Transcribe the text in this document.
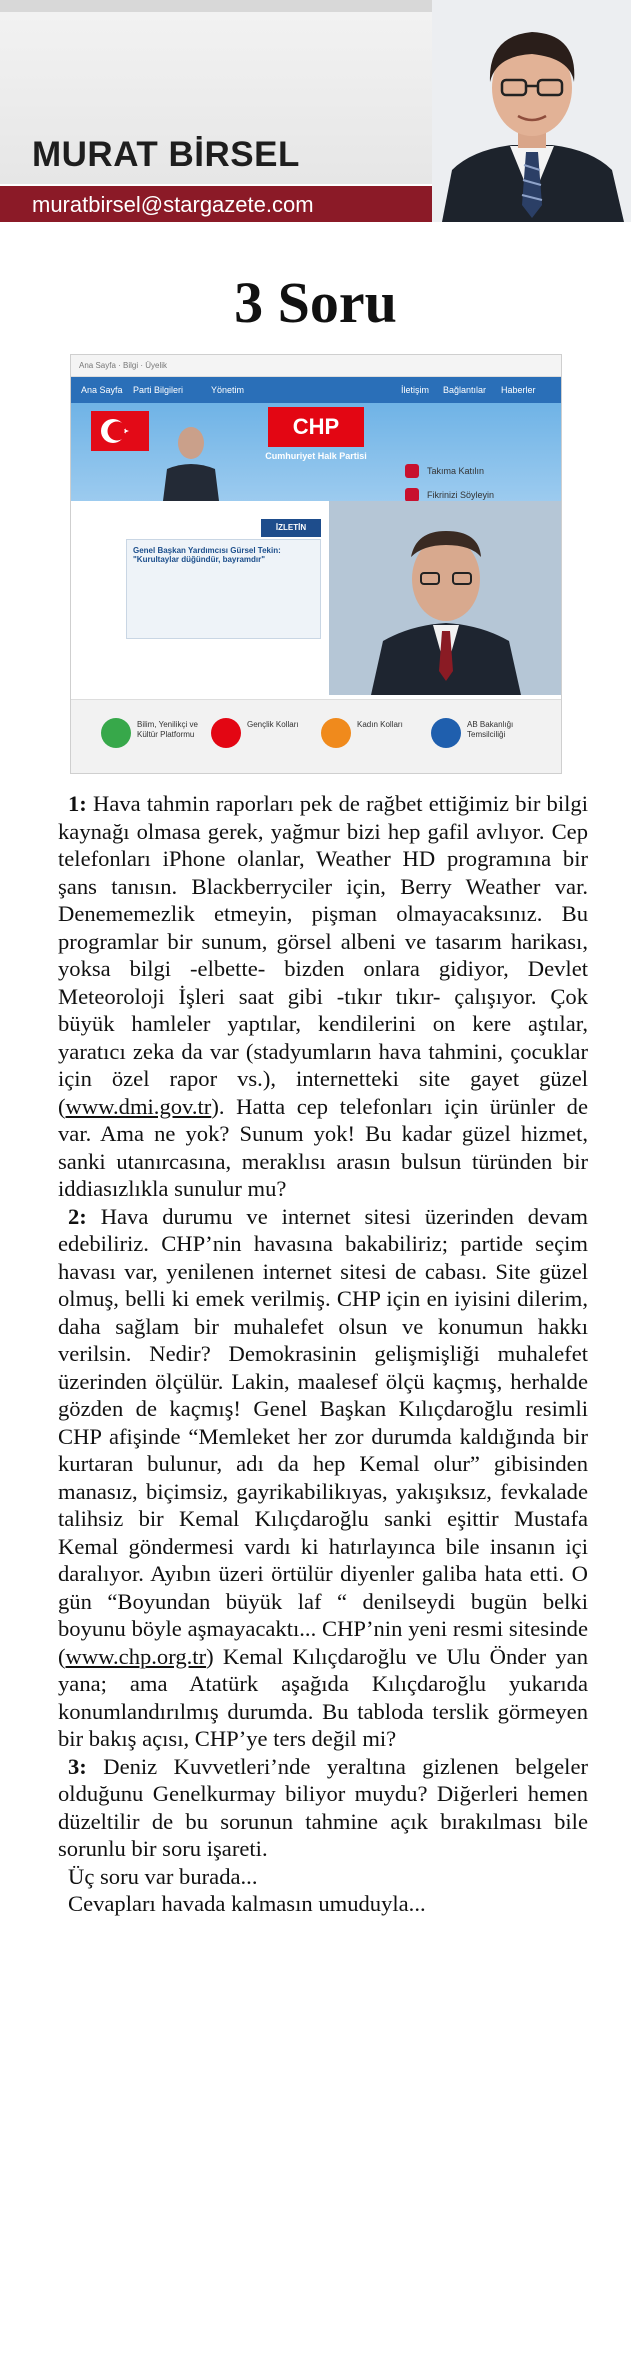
MURAT BİRSEL
muratbirsel@stargazete.com
3 Soru
Ana Sayfa · Bilgi · Üyelik
Ana Sayfa Parti Bilgileri	Yönetim	İletişim Bağlantılar Haberler
CHP
Cumhuriyet Halk Partisi
Takıma Katılın
Fikrinizi Söyleyin
İZLETİN
Genel Başkan Yardımcısı Gürsel Tekin:
"Kurultaylar düğündür, bayramdır"
Bilim, Yenilikçi ve Kültür Platformu
Gençlik Kolları	Kadın Kolları	AB Bakanlığı Temsilciliği

1: Hava tahmin raporları pek de rağbet ettiğimiz bir bilgi kaynağı olmasa gerek, yağmur bizi hep gafil avlıyor. Cep telefonları iPhone olanlar, Weather HD programına bir şans tanısın. Blackberryciler için, Berry Weather var. Denememezlik etmeyin, pişman olmayacaksınız. Bu programlar bir sunum, görsel albeni ve tasarım harikası, yoksa bilgi -elbette- bizden onlara gidiyor, Devlet Meteoroloji İşleri saat gibi -tıkır tıkır- çalışıyor. Çok büyük hamleler yaptılar, kendilerini on kere aştılar, yaratıcı zeka da var (stadyumların hava tahmini, çocuklar için özel rapor vs.), internetteki site gayet güzel (www.dmi.gov.tr). Hatta cep telefonları için ürünler de var. Ama ne yok? Sunum yok! Bu kadar güzel hizmet, sanki utanırcasına, meraklısı arasın bulsun türünden bir iddiasızlıkla sunulur mu?

2: Hava durumu ve internet sitesi üzerinden devam edebiliriz. CHP’nin havasına bakabiliriz; partide seçim havası var, yenilenen internet sitesi de cabası. Site güzel olmuş, belli ki emek verilmiş. CHP için en iyisini dilerim, daha sağlam bir muhalefet olsun ve konumun hakkı verilsin. Nedir? Demokrasinin gelişmişliği muhalefet üzerinden ölçülür. Lakin, maalesef ölçü kaçmış, herhalde gözden de kaçmış! Genel Başkan Kılıçdaroğlu resimli CHP afişinde “Memleket her zor durumda kaldığında bir kurtaran bulunur, adı da hep Kemal olur” gibisinden manasız, biçimsiz, gayrikabilikıyas, yakışıksız, fevkalade talihsiz bir Kemal Kılıçdaroğlu sanki eşittir Mustafa Kemal göndermesi vardı ki hatırlayınca bile insanın içi daralıyor. Ayıbın üzeri örtülür diyenler galiba hata etti. O gün “Boyundan büyük laf “ denilseydi bugün belki boyunu böyle aşmayacaktı... CHP’nin yeni resmi sitesinde (www.chp.org.tr) Kemal Kılıçdaroğlu ve Ulu Önder yan yana; ama Atatürk aşağıda Kılıçdaroğlu yukarıda konumlandırılmış durumda. Bu tabloda terslik görmeyen bir bakış açısı, CHP’ye ters değil mi?

3: Deniz Kuvvetleri’nde yeraltına gizlenen belgeler olduğunu Genelkurmay biliyor muydu? Diğerleri hemen düzeltilir de bu sorunun tahmine açık bırakılması bile sorunlu bir soru işareti.

Üç soru var burada...

Cevapları havada kalmasın umuduyla...
